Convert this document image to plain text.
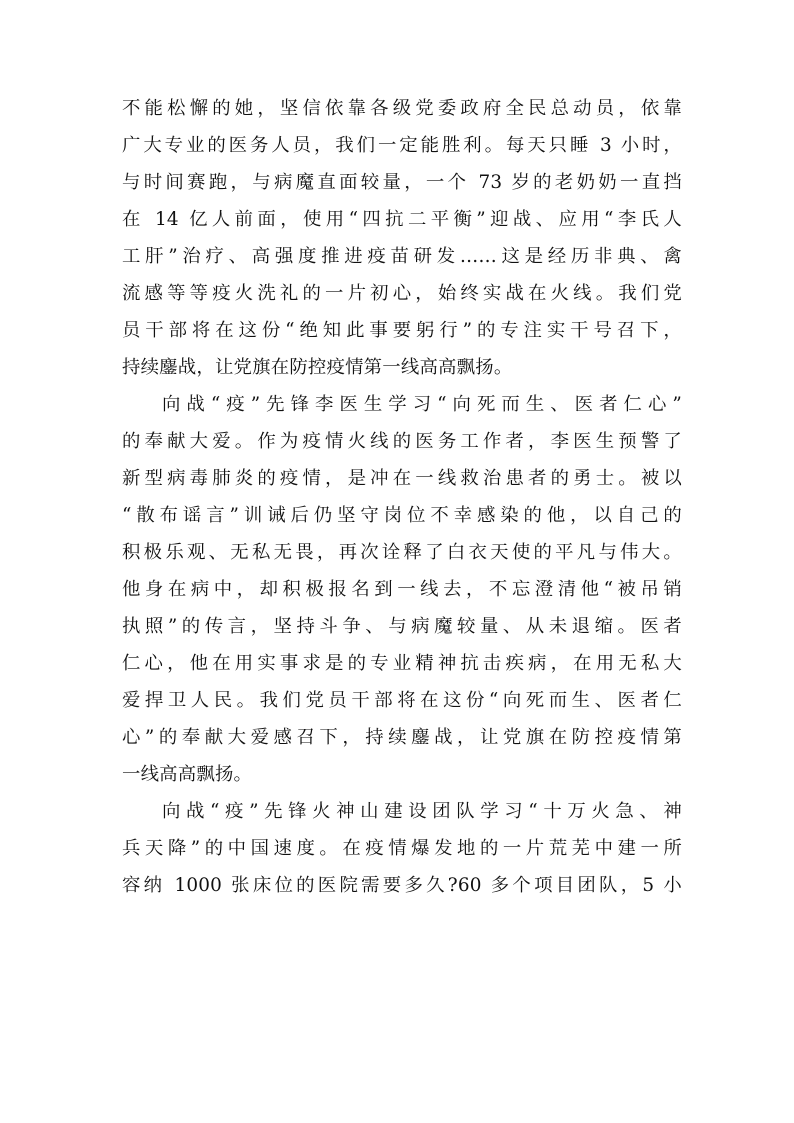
不能松懈的她，坚信依靠各级党委政府全民总动员，依靠
广大专业的医务人员，我们一定能胜利。每天只睡 3 小时，
与时间赛跑，与病魔直面较量，一个 73 岁的老奶奶一直挡
在 14 亿人前面，使用“四抗二平衡”迎战、应用“李氏人
工肝”治疗、高强度推进疫苗研发……这是经历非典、禽
流感等等疫火洗礼的一片初心，始终实战在火线。我们党
员干部将在这份“绝知此事要躬行”的专注实干号召下，
持续鏖战，让党旗在防控疫情第一线高高飘扬。
向战“疫”先锋李医生学习“向死而生、医者仁心”
的奉献大爱。作为疫情火线的医务工作者，李医生预警了
新型病毒肺炎的疫情，是冲在一线救治患者的勇士。被以
“散布谣言”训诫后仍坚守岗位不幸感染的他，以自己的
积极乐观、无私无畏，再次诠释了白衣天使的平凡与伟大。
他身在病中，却积极报名到一线去，不忘澄清他“被吊销
执照”的传言，坚持斗争、与病魔较量、从未退缩。医者
仁心，他在用实事求是的专业精神抗击疾病，在用无私大
爱捍卫人民。我们党员干部将在这份“向死而生、医者仁
心”的奉献大爱感召下，持续鏖战，让党旗在防控疫情第
一线高高飘扬。
向战“疫”先锋火神山建设团队学习“十万火急、神
兵天降”的中国速度。在疫情爆发地的一片荒芜中建一所
容纳 1000 张床位的医院需要多久?60 多个项目团队，5 小
